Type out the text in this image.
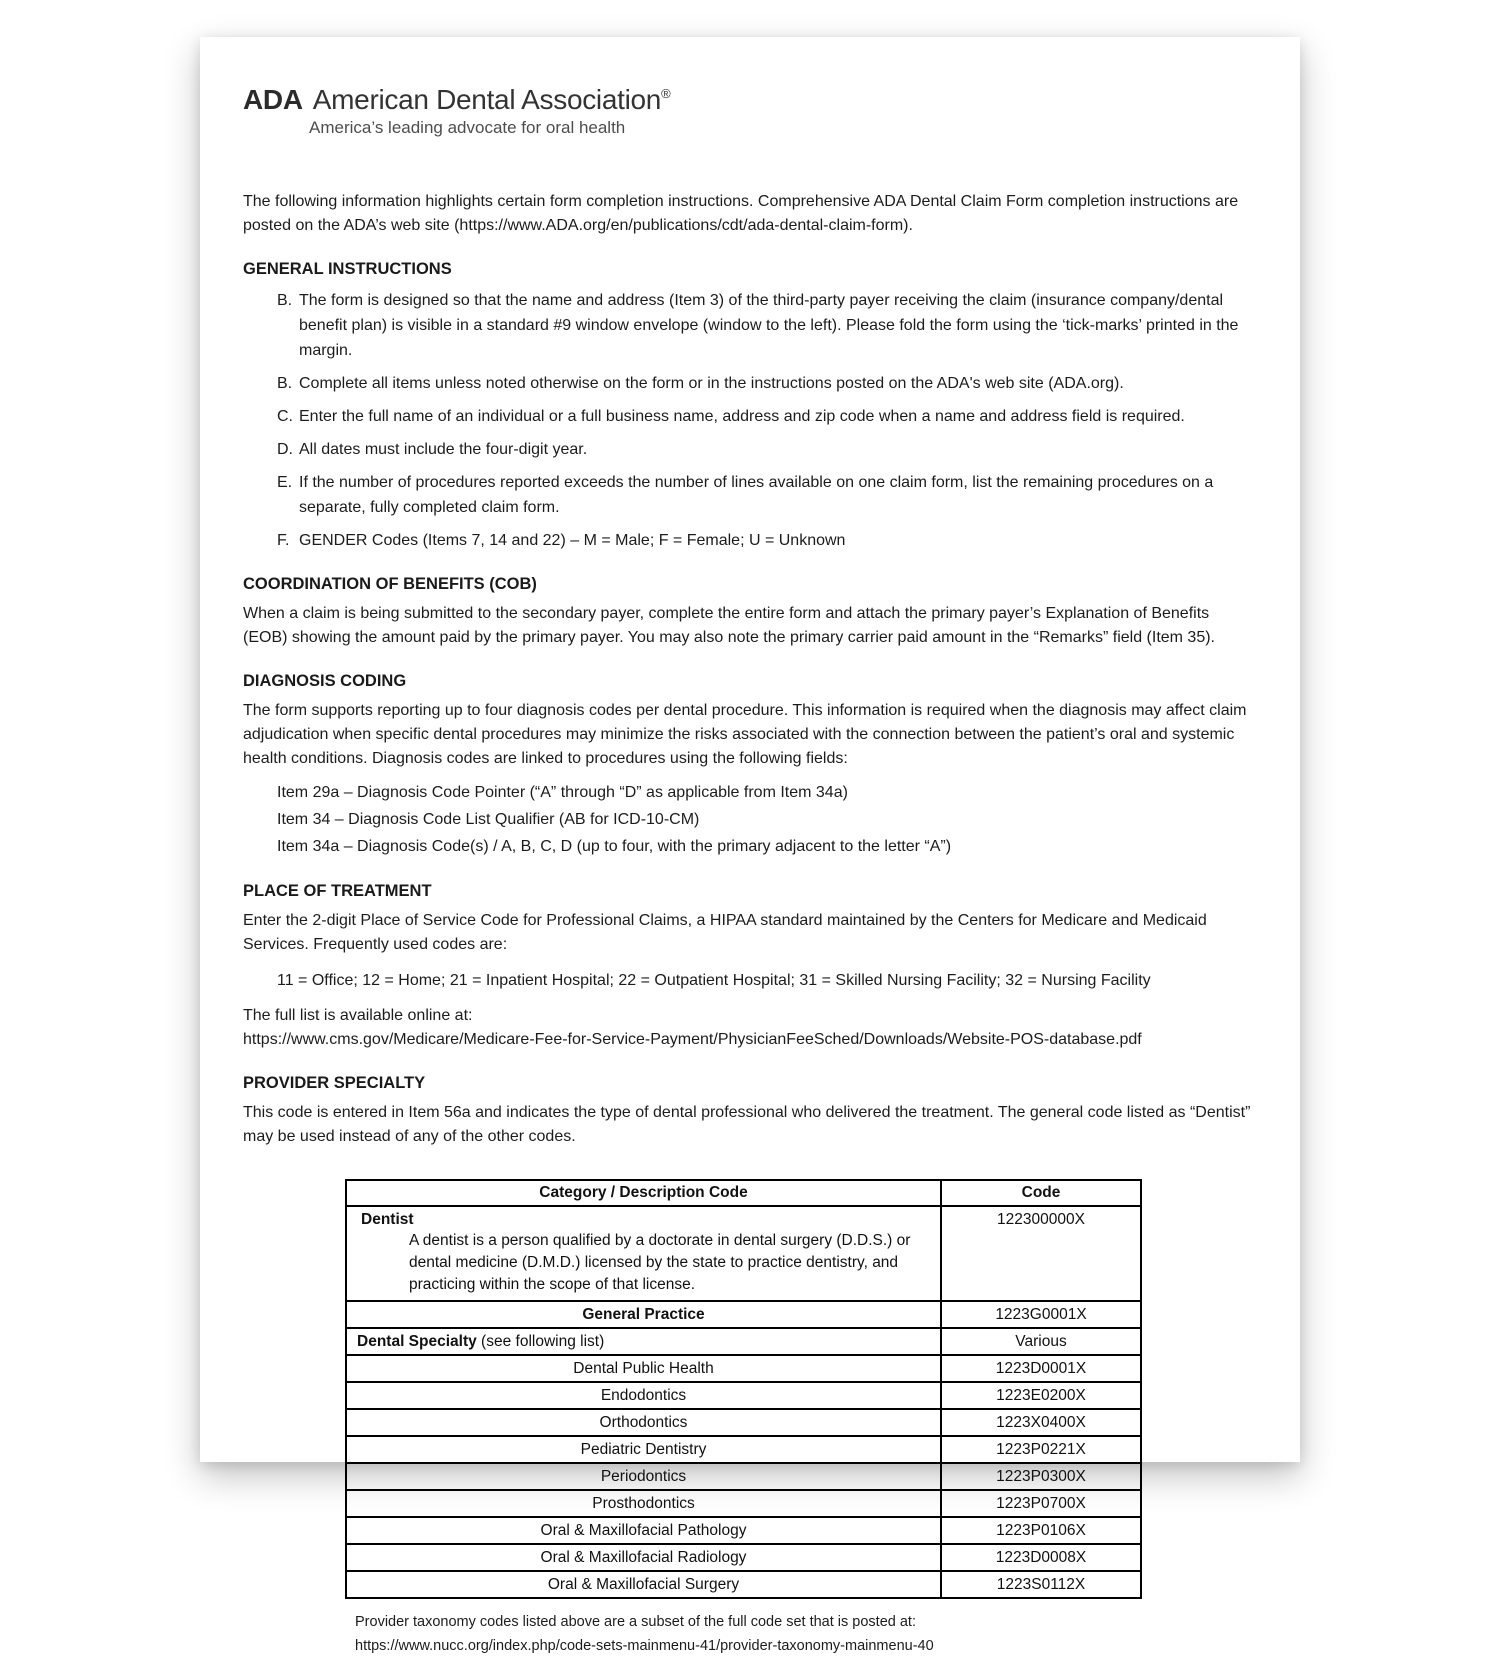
ADA American Dental Association®
America’s leading advocate for oral health

The following information highlights certain form completion instructions. Comprehensive ADA Dental Claim Form completion instructions are posted on the ADA’s web site (https://www.ADA.org/en/publications/cdt/ada-dental-claim-form).

GENERAL INSTRUCTIONS
B. The form is designed so that the name and address (Item 3) of the third-party payer receiving the claim (insurance company/dental benefit plan) is visible in a standard #9 window envelope (window to the left). Please fold the form using the ‘tick-marks’ printed in the margin.
B. Complete all items unless noted otherwise on the form or in the instructions posted on the ADA's web site (ADA.org).
C. Enter the full name of an individual or a full business name, address and zip code when a name and address field is required.
D. All dates must include the four-digit year.
E. If the number of procedures reported exceeds the number of lines available on one claim form, list the remaining procedures on a separate, fully completed claim form.
F. GENDER Codes (Items 7, 14 and 22) – M = Male; F = Female; U = Unknown
COORDINATION OF BENEFITS (COB)

When a claim is being submitted to the secondary payer, complete the entire form and attach the primary payer’s Explanation of Benefits (EOB) showing the amount paid by the primary payer. You may also note the primary carrier paid amount in the “Remarks” field (Item 35).

DIAGNOSIS CODING

The form supports reporting up to four diagnosis codes per dental procedure. This information is required when the diagnosis may affect claim adjudication when specific dental procedures may minimize the risks associated with the connection between the patient’s oral and systemic health conditions. Diagnosis codes are linked to procedures using the following fields:

Item 29a – Diagnosis Code Pointer (“A” through “D” as applicable from Item 34a)
Item 34 – Diagnosis Code List Qualifier (AB for ICD-10-CM)
Item 34a – Diagnosis Code(s) / A, B, C, D (up to four, with the primary adjacent to the letter “A”)
PLACE OF TREATMENT

Enter the 2-digit Place of Service Code for Professional Claims, a HIPAA standard maintained by the Centers for Medicare and Medicaid Services. Frequently used codes are:

11 = Office; 12 = Home; 21 = Inpatient Hospital; 22 = Outpatient Hospital; 31 = Skilled Nursing Facility; 32 = Nursing Facility

The full list is available online at:
https://www.cms.gov/Medicare/Medicare-Fee-for-Service-Payment/PhysicianFeeSched/Downloads/Website-POS-database.pdf

PROVIDER SPECIALTY

This code is entered in Item 56a and indicates the type of dental professional who delivered the treatment. The general code listed as “Dentist” may be used instead of any of the other codes.

Category / Description Code	Code

Dentist
A dentist is a person qualified by a doctorate in dental surgery (D.D.S.) or dental medicine (D.M.D.) licensed by the state to practice dentistry, and practicing within the scope of that license.	122300000X
General Practice	1223G0001X
Dental Specialty (see following list)	Various
Dental Public Health	1223D0001X
Endodontics	1223E0200X
Orthodontics	1223X0400X
Pediatric Dentistry	1223P0221X
Periodontics	1223P0300X
Prosthodontics	1223P0700X
Oral & Maxillofacial Pathology	1223P0106X
Oral & Maxillofacial Radiology	1223D0008X
Oral & Maxillofacial Surgery	1223S0112X
Provider taxonomy codes listed above are a subset of the full code set that is posted at:
https://www.nucc.org/index.php/code-sets-mainmenu-41/provider-taxonomy-mainmenu-40
